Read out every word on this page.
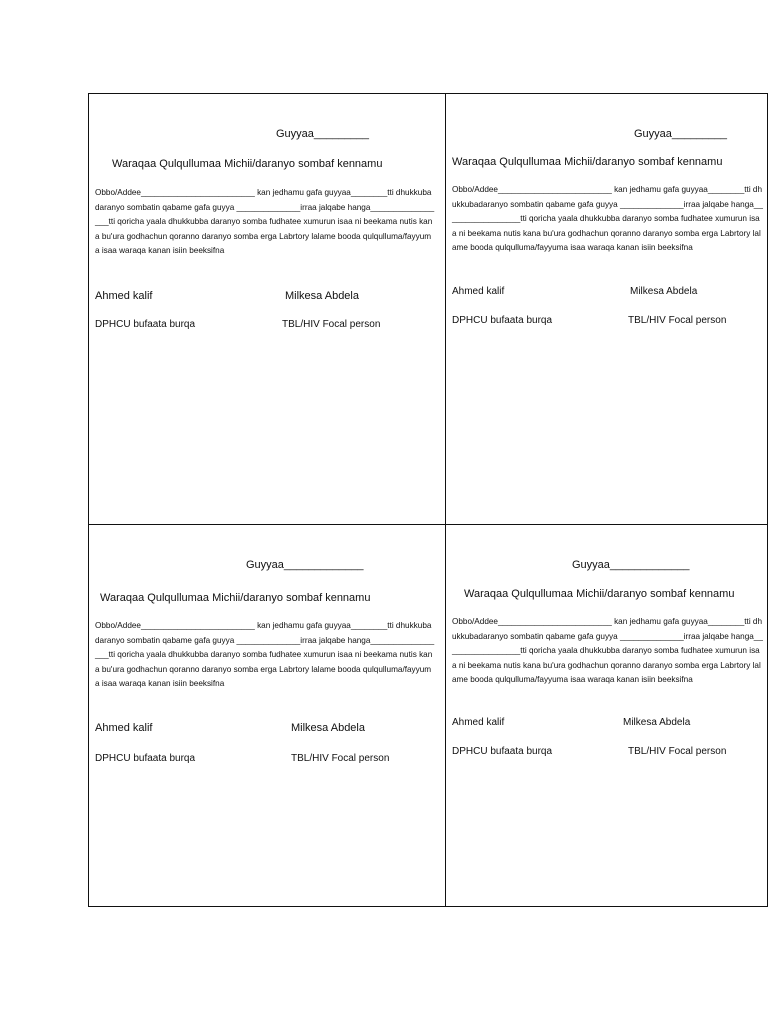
Guyyaa_________
Waraqaa Qulqullumaa Michii/daranyo sombaf kennamu
Obbo/Addee_________________________ kan jedhamu gafa guyyaa________tti dhukkuba daranyo sombatin qabame gafa guyya ______________irraa jalqabe hanga_________________tti qoricha yaala dhukkubba daranyo somba fudhatee xumurun isaa ni beekama nutis kana bu'ura godhachun qoranno daranyo somba erga Labrtory lalame booda qulqulluma/fayyuma isaa waraqa kanan isiin beeksifna
Ahmed kalif	Milkesa Abdela
DPHCU bufaata burqa	TBL/HIV Focal person
Guyyaa_________
Waraqaa Qulqullumaa Michii/daranyo sombaf kennamu
Obbo/Addee_________________________ kan jedhamu gafa guyyaa________tti dhukkubadaranyo sombatin qabame gafa guyya ______________irraa jalqabe hanga_________________tti qoricha yaala dhukkubba daranyo somba fudhatee xumurun isaa ni beekama nutis kana bu'ura godhachun qoranno daranyo somba erga Labrtory lalame booda qulqulluma/fayyuma isaa waraqa kanan isiin beeksifna
Ahmed kalif	Milkesa Abdela
DPHCU bufaata burqa	TBL/HIV Focal person
Guyyaa_____________
Waraqaa Qulqullumaa Michii/daranyo sombaf kennamu
Obbo/Addee_________________________ kan jedhamu gafa guyyaa________tti dhukkubadaranyo sombatin qabame gafa guyya ______________irraa jalqabe hanga_________________tti qoricha yaala dhukkubba daranyo somba fudhatee xumurun isaa ni beekama nutis kana bu'ura godhachun qoranno daranyo somba erga Labrtory lalame booda qulqulluma/fayyuma isaa waraqa kanan isiin beeksifna
Ahmed kalif	Milkesa Abdela
DPHCU bufaata burqa	TBL/HIV Focal person
Guyyaa_____________
Waraqaa Qulqullumaa Michii/daranyo sombaf kennamu
Obbo/Addee_________________________ kan jedhamu gafa guyyaa________tti dhukkubadaranyo sombatin qabame gafa guyya ______________irraa jalqabe hanga_________________tti qoricha yaala dhukkubba daranyo somba fudhatee xumurun isaa ni beekama nutis kana bu'ura godhachun qoranno daranyo somba erga Labrtory lalame booda qulqulluma/fayyuma isaa waraqa kanan isiin beeksifna
Ahmed kalif	Milkesa Abdela
DPHCU bufaata burqa	TBL/HIV Focal person
